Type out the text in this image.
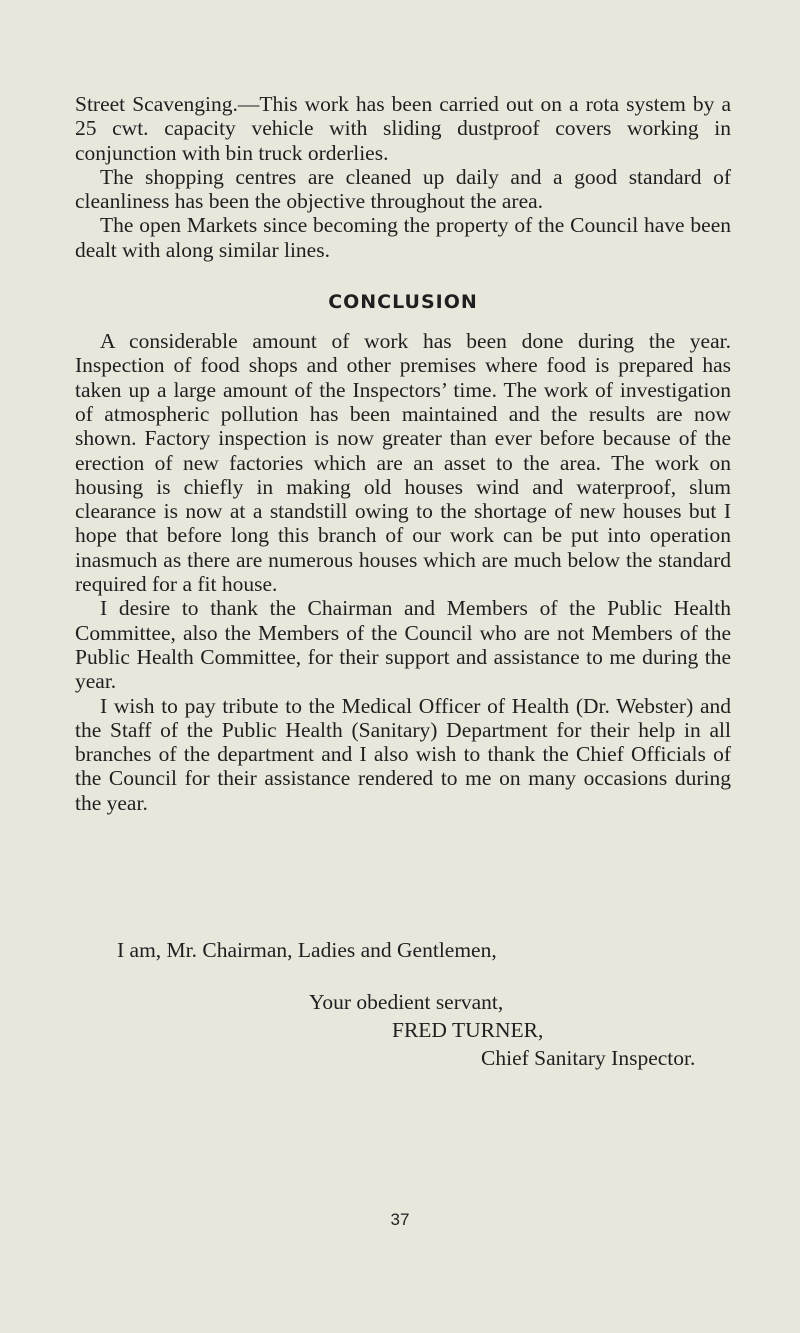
Street Scavenging.—This work has been carried out on a rota system by a 25 cwt. capacity vehicle with sliding dustproof covers working in conjunction with bin truck orderlies.

The shopping centres are cleaned up daily and a good standard of cleanliness has been the objective throughout the area.

The open Markets since becoming the property of the Council have been dealt with along similar lines.

CONCLUSION

A considerable amount of work has been done during the year. Inspection of food shops and other premises where food is prepared has taken up a large amount of the Inspectors’ time. The work of investigation of atmospheric pollution has been maintained and the results are now shown. Factory inspection is now greater than ever before because of the erection of new factories which are an asset to the area. The work on housing is chiefly in making old houses wind and waterproof, slum clearance is now at a standstill owing to the shortage of new houses but I hope that before long this branch of our work can be put into operation inasmuch as there are numerous houses which are much below the standard required for a fit house.

I desire to thank the Chairman and Members of the Public Health Committee, also the Members of the Council who are not Members of the Public Health Committee, for their support and assistance to me during the year.

I wish to pay tribute to the Medical Officer of Health (Dr. Webster) and the Staff of the Public Health (Sanitary) Department for their help in all branches of the department and I also wish to thank the Chief Officials of the Council for their assistance rendered to me on many occasions during the year.

I am, Mr. Chairman, Ladies and Gentlemen,
Your obedient servant,
FRED TURNER,
Chief Sanitary Inspector.
37
